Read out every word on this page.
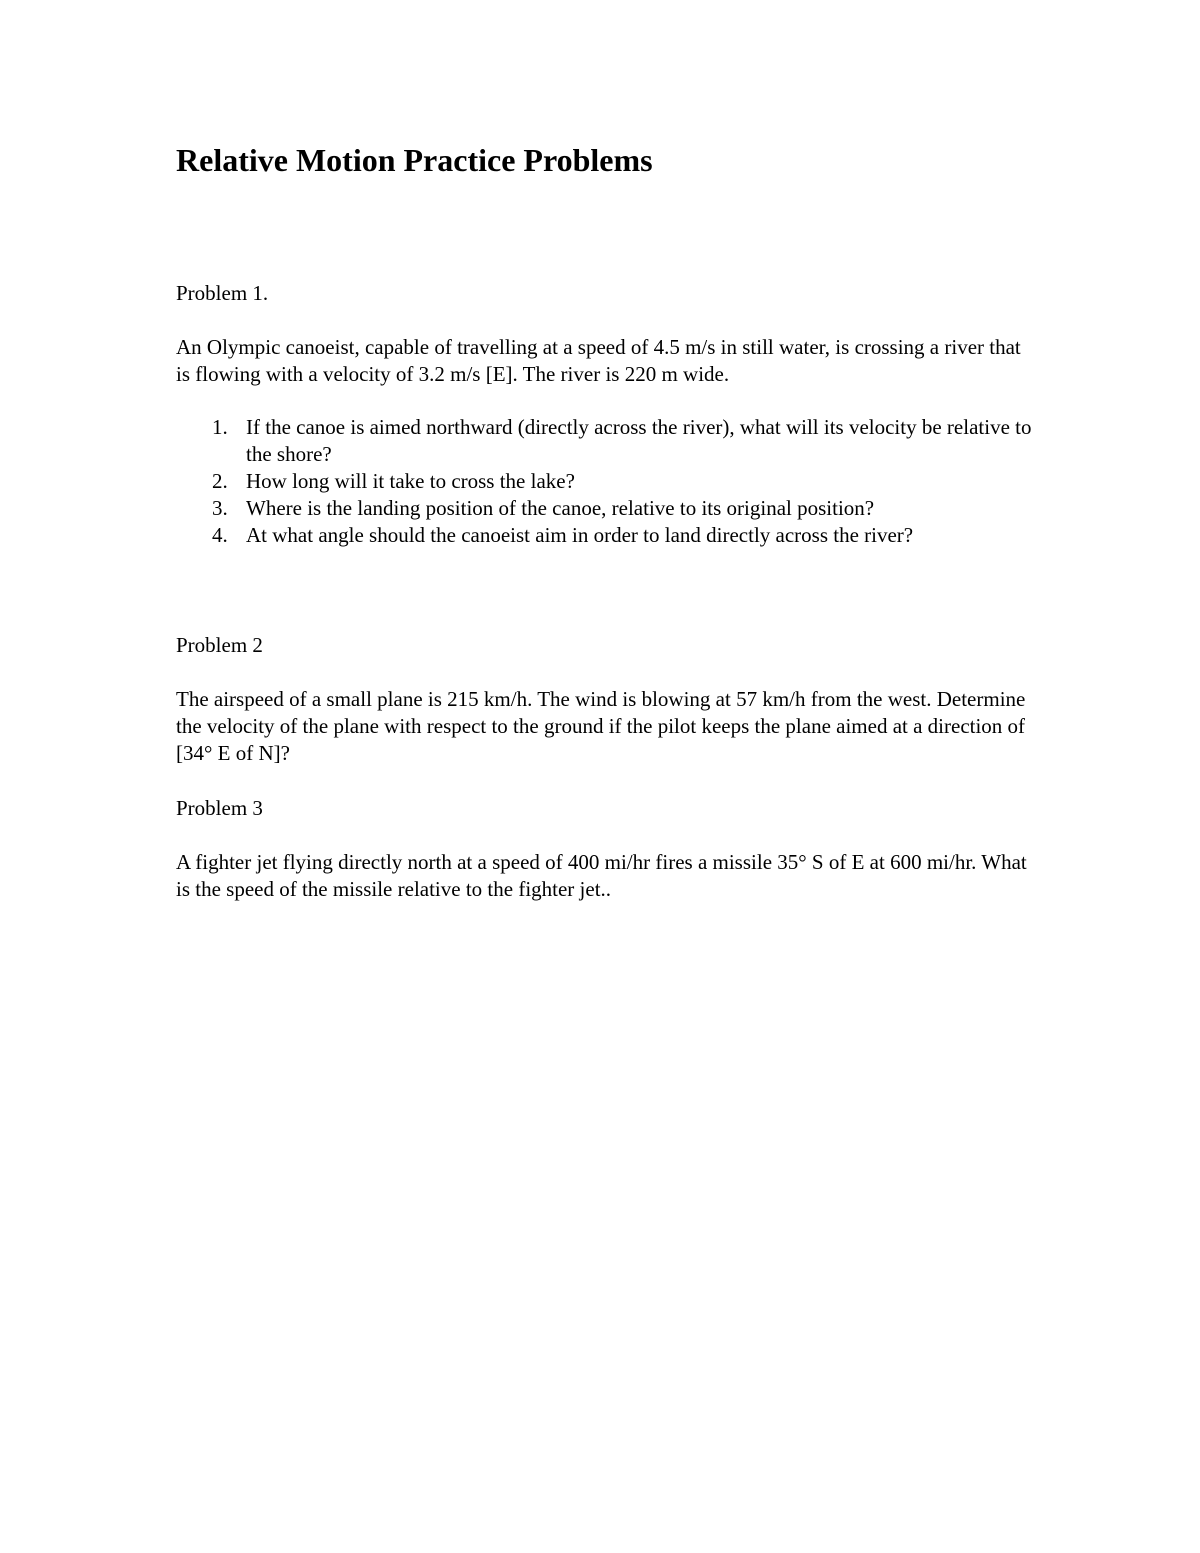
Relative Motion Practice Problems

Problem 1.

An Olympic canoeist, capable of travelling at a speed of 4.5 m/s in still water, is crossing a river that is flowing with a velocity of 3.2 m/s [E]. The river is 220 m wide.

1. If the canoe is aimed northward (directly across the river), what will its velocity be relative to the shore?
2. How long will it take to cross the lake?
3. Where is the landing position of the canoe, relative to its original position?
4. At what angle should the canoeist aim in order to land directly across the river?

Problem 2

The airspeed of a small plane is 215 km/h. The wind is blowing at 57 km/h from the west. Determine the velocity of the plane with respect to the ground if the pilot keeps the plane aimed at a direction of [34° E of N]?

Problem 3

A fighter jet flying directly north at a speed of 400 mi/hr fires a missile 35° S of E at 600 mi/hr. What is the speed of the missile relative to the fighter jet..
